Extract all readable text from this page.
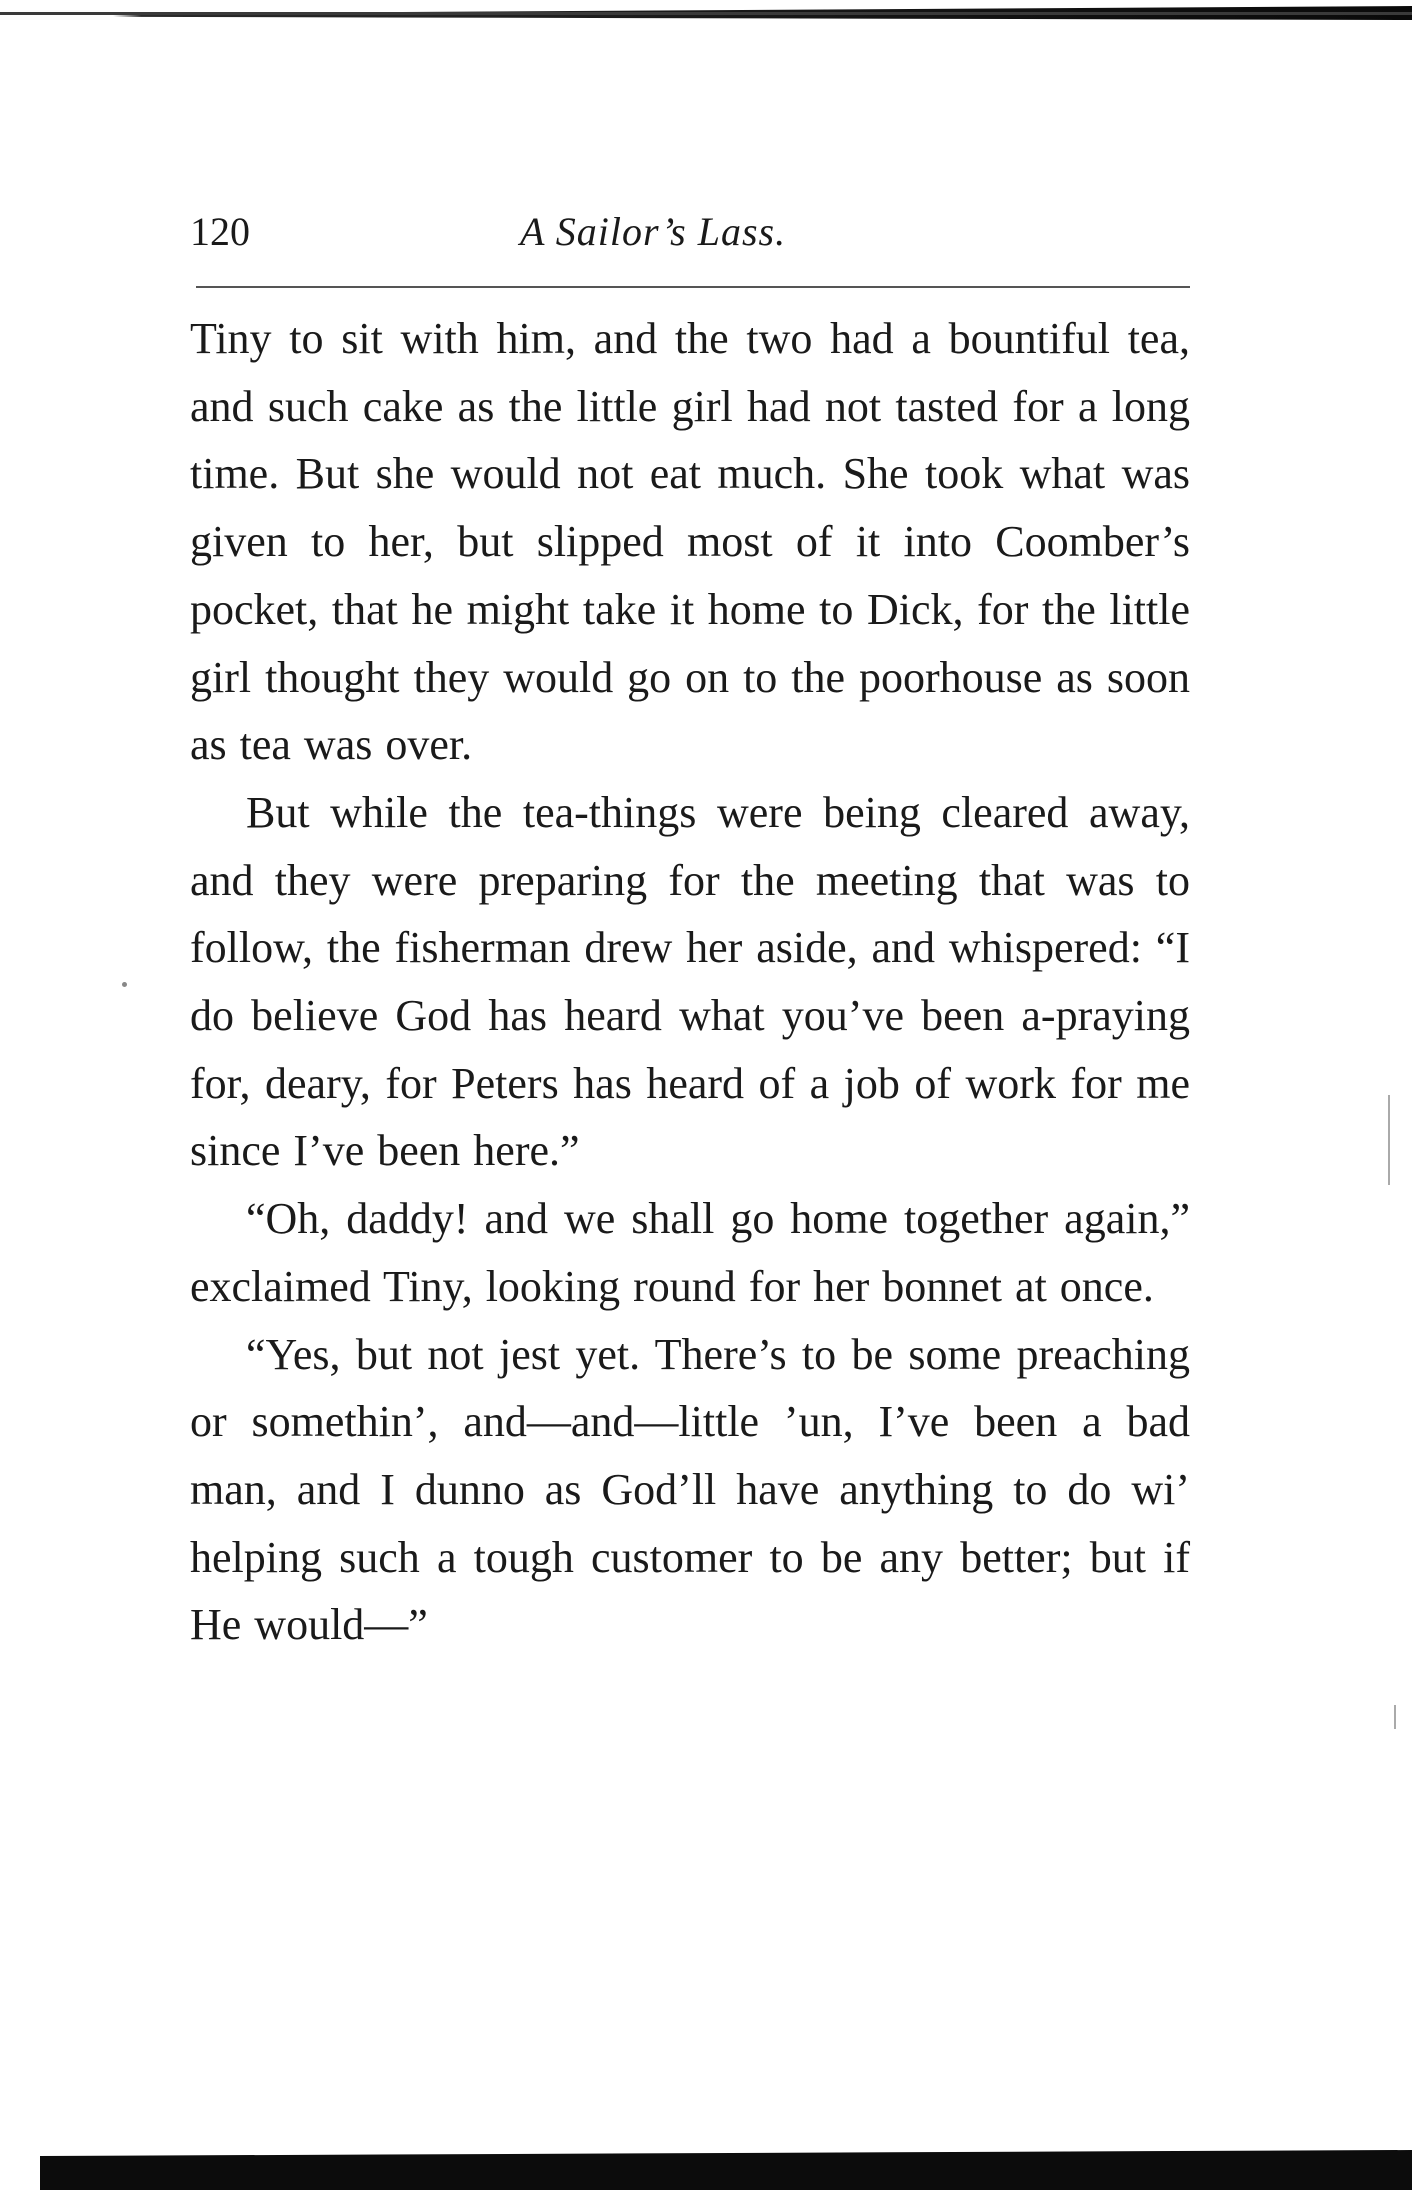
120	A Sailor’s Lass.

Tiny to sit with him, and the two had a bountiful tea, and such cake as the little girl had not tasted for a long time. But she would not eat much. She took what was given to her, but slipped most of it into Coomber’s pocket, that he might take it home to Dick, for the little girl thought they would go on to the poorhouse as soon as tea was over.

But while the tea-things were being cleared away, and they were preparing for the meeting that was to follow, the fisherman drew her aside, and whispered: “I do believe God has heard what you’ve been a-praying for, deary, for Peters has heard of a job of work for me since I’ve been here.”

“Oh, daddy! and we shall go home together again,” exclaimed Tiny, looking round for her bonnet at once.

“Yes, but not jest yet. There’s to be some preaching or somethin’, and—and—little ’un, I’ve been a bad man, and I dunno as God’ll have anything to do wi’ helping such a tough customer to be any better; but if He would—”
